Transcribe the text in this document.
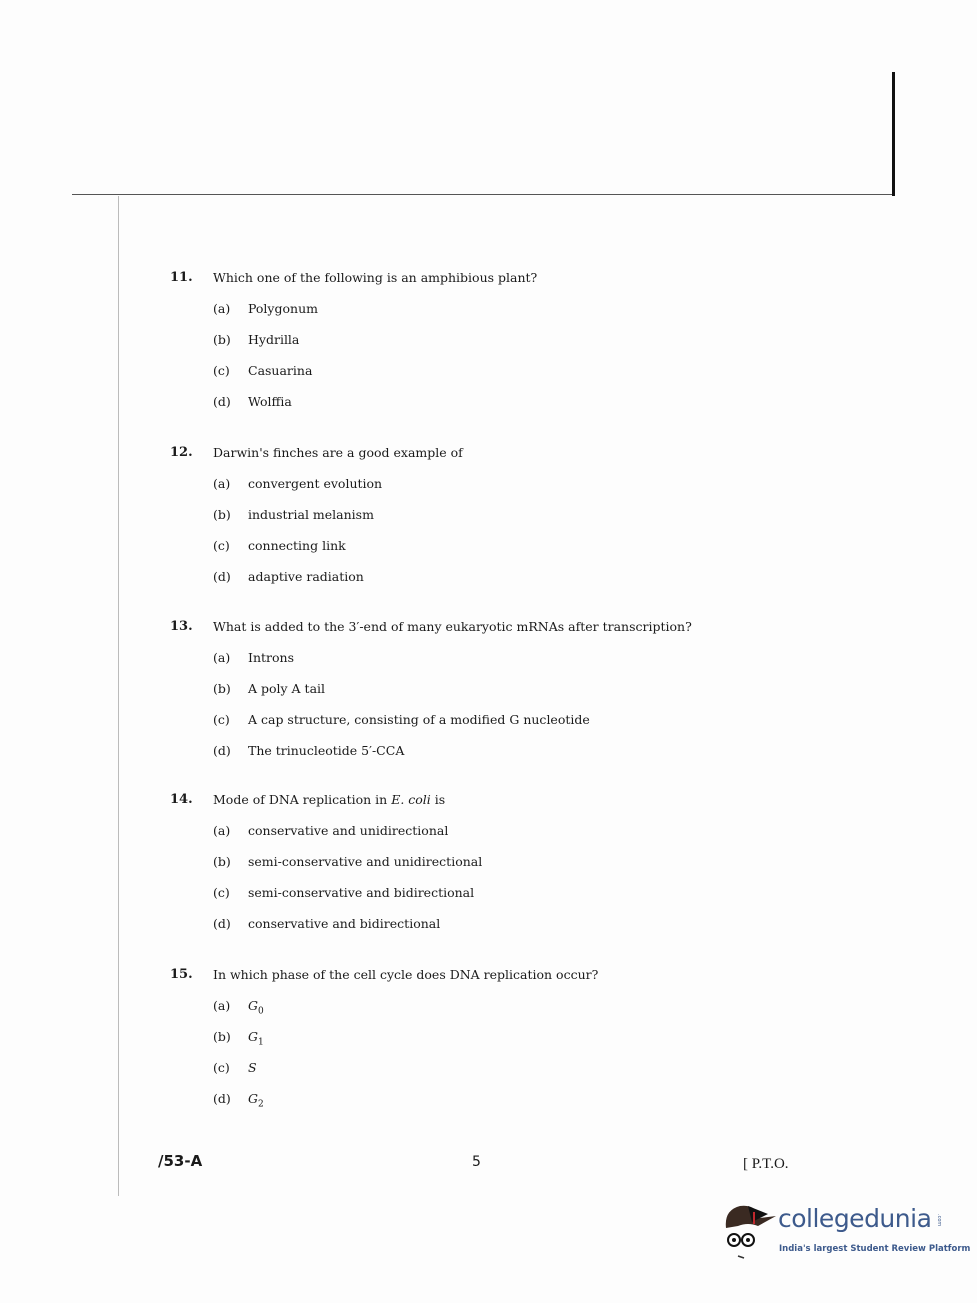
11. Which one of the following is an amphibious plant?
(a) Polygonum
(b) Hydrilla
(c) Casuarina
(d) Wolffia
12. Darwin's finches are a good example of
(a) convergent evolution
(b) industrial melanism
(c) connecting link
(d) adaptive radiation
13. What is added to the 3′-end of many eukaryotic mRNAs after transcription?
(a) Introns
(b) A poly A tail
(c) A cap structure, consisting of a modified G nucleotide
(d) The trinucleotide 5′-CCA
14. Mode of DNA replication in E. coli is
(a) conservative and unidirectional
(b) semi-conservative and unidirectional
(c) semi-conservative and bidirectional
(d) conservative and bidirectional
15. In which phase of the cell cycle does DNA replication occur?
(a) $G_0$
(b) $G_1$
(c) S
(d) $G_2$
/53-A	5	[ P.T.O.
collegedunia .com
India's largest Student Review Platform
